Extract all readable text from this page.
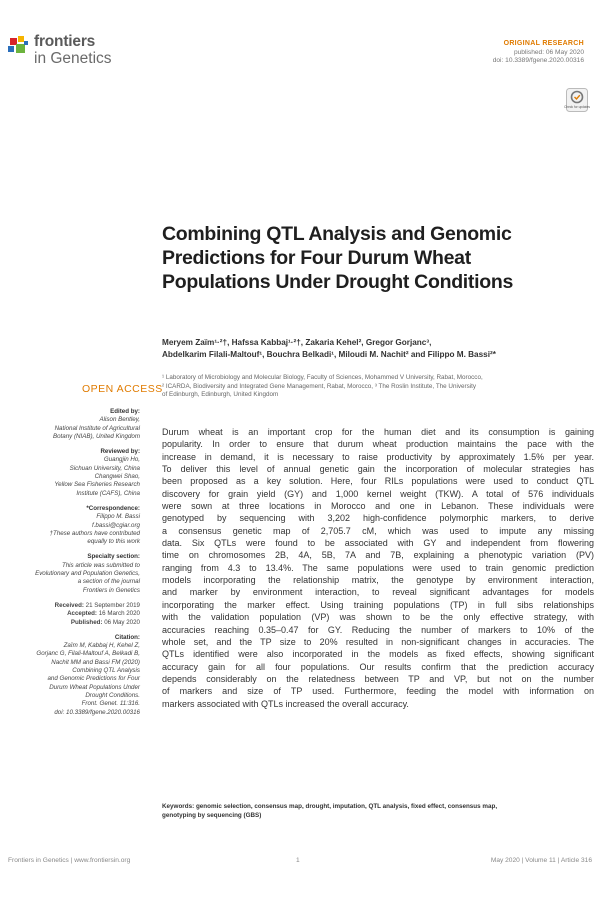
frontiers
in Genetics
ORIGINAL RESEARCH
published: 06 May 2020
doi: 10.3389/fgene.2020.00316
Check for updates
Combining QTL Analysis and Genomic Predictions for Four Durum Wheat Populations Under Drought Conditions
Meryem Zaïm¹·²†, Hafssa Kabbaj¹·²†, Zakaria Kehel², Gregor Gorjanc³,
Abdelkarim Filali-Maltouf¹, Bouchra Belkadi¹, Miloudi M. Nachit² and Filippo M. Bassi²*
¹ Laboratory of Microbiology and Molecular Biology, Faculty of Sciences, Mohammed V University, Rabat, Morocco,
² ICARDA, Biodiversity and Integrated Gene Management, Rabat, Morocco, ³ The Roslin Institute, The University
of Edinburgh, Edinburgh, United Kingdom
OPEN ACCESS
Edited by:
Alison Bentley,
National Institute of Agricultural
Botany (NIAB), United Kingdom
Reviewed by:
Guangjin Ho,
Sichuan University, China
Changwei Shao,
Yellow Sea Fisheries Research
Institute (CAFS), China
*Correspondence:
Filippo M. Bassi
f.bassi@cgiar.org
†These authors have contributed
equally to this work
Specialty section:
This article was submitted to
Evolutionary and Population Genetics,
a section of the journal
Frontiers in Genetics
Received: 21 September 2019
Accepted: 16 March 2020
Published: 06 May 2020
Citation:
Zaïm M, Kabbaj H, Kehel Z,
Gorjanc G, Filali-Maltouf A, Belkadi B,
Nachit MM and Bassi FM (2020)
Combining QTL Analysis
and Genomic Predictions for Four
Durum Wheat Populations Under
Drought Conditions.
Front. Genet. 11:316.
doi: 10.3389/fgene.2020.00316
Durum wheat is an important crop for the human diet and its consumption is gaining
popularity. In order to ensure that durum wheat production maintains the pace with the
increase in demand, it is necessary to raise productivity by approximately 1.5% per year.
To deliver this level of annual genetic gain the incorporation of molecular strategies has
been proposed as a key solution. Here, four RILs populations were used to conduct QTL
discovery for grain yield (GY) and 1,000 kernel weight (TKW). A total of 576 individuals
were sown at three locations in Morocco and one in Lebanon. These individuals were
genotyped by sequencing with 3,202 high-confidence polymorphic markers, to derive
a consensus genetic map of 2,705.7 cM, which was used to impute any missing
data. Six QTLs were found to be associated with GY and independent from flowering
time on chromosomes 2B, 4A, 5B, 7A and 7B, explaining a phenotypic variation (PV)
ranging from 4.3 to 13.4%. The same populations were used to train genomic prediction
models incorporating the relationship matrix, the genotype by environment interaction,
and marker by environment interaction, to reveal significant advantages for models
incorporating the marker effect. Using training populations (TP) in full sibs relationships
with the validation population (VP) was shown to be the only effective strategy, with
accuracies reaching 0.35–0.47 for GY. Reducing the number of markers to 10% of the
whole set, and the TP size to 20% resulted in non-significant changes in accuracies. The
QTLs identified were also incorporated in the models as fixed effects, showing significant
accuracy gain for all four populations. Our results confirm that the prediction accuracy
depends considerably on the relatedness between TP and VP, but not on the number
of markers and size of TP used. Furthermore, feeding the model with information on
markers associated with QTLs increased the overall accuracy.
Keywords: genomic selection, consensus map, drought, imputation, QTL analysis, fixed effect, consensus map,
genotyping by sequencing (GBS)
Frontiers in Genetics | www.frontiersin.org	1	May 2020 | Volume 11 | Article 316
